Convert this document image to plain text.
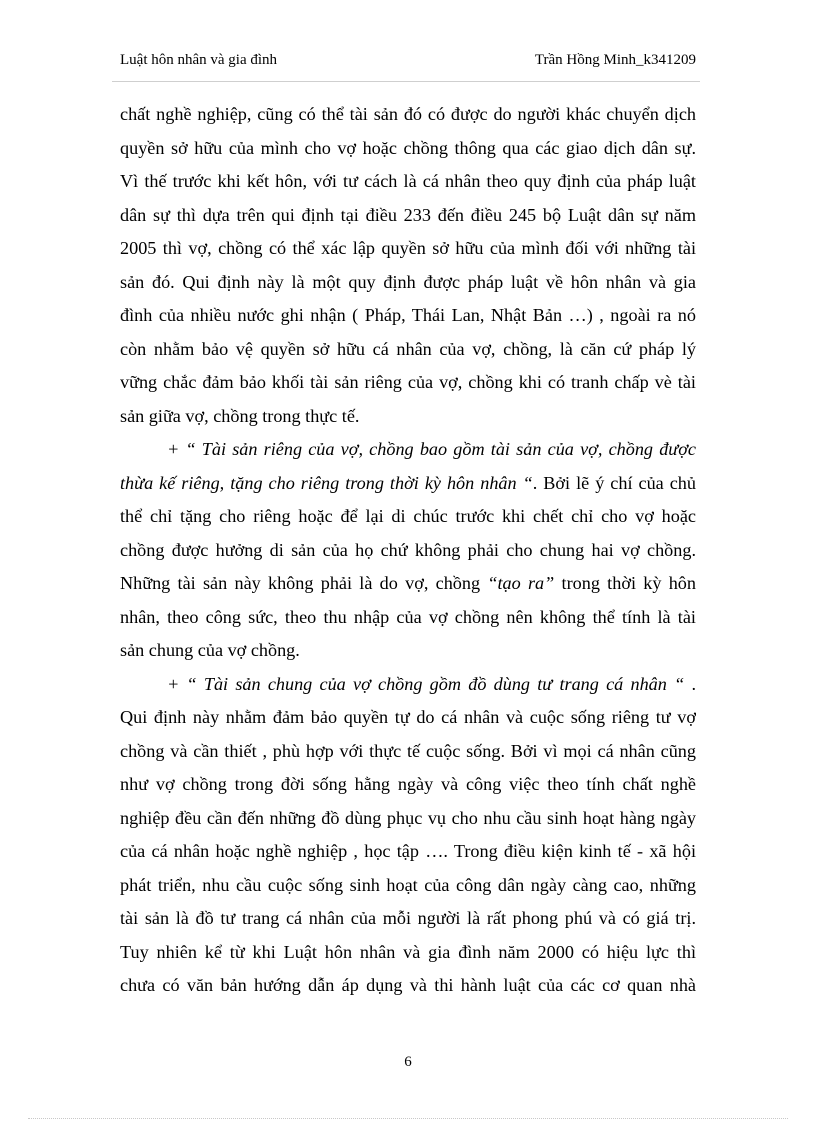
Luật hôn nhân và gia đình	Trần Hồng Minh_k341209
chất nghề nghiệp, cũng có thể tài sản đó có được do người khác chuyển dịch
quyền sở hữu của mình cho vợ hoặc chồng thông qua các giao dịch dân sự.
Vì thế trước khi kết hôn, với tư cách là cá nhân theo quy định của pháp luật
dân sự thì dựa trên qui định tại điều 233 đến điều 245 bộ Luật dân sự năm
2005 thì vợ, chồng có thể xác lập quyền sở hữu của mình đối với những tài
sản đó. Qui định này là một quy định được pháp luật về hôn nhân và gia
đình của nhiều nước ghi nhận ( Pháp, Thái Lan, Nhật Bản …) , ngoài ra nó
còn nhằm bảo vệ quyền sở hữu cá nhân của vợ, chồng, là căn cứ pháp lý
vững chắc đảm bảo khối tài sản riêng của vợ, chồng khi có tranh chấp vè tài
sản giữa vợ, chồng trong thực tế.
+ “ Tài sản riêng của vợ, chồng bao gồm tài sản của vợ, chồng được
thừa kế riêng, tặng cho riêng trong thời kỳ hôn nhân “. Bởi lẽ ý chí của chủ
thể chỉ tặng cho riêng hoặc để lại di chúc trước khi chết chỉ cho vợ hoặc
chồng được hưởng di sản của họ chứ không phải cho chung hai vợ chồng.
Những tài sản này không phải là do vợ, chồng “tạo ra” trong thời kỳ hôn
nhân, theo công sức, theo thu nhập của vợ chồng nên không thể tính là tài
sản chung của vợ chồng.
+ “ Tài sản chung của vợ chồng gồm đồ dùng tư trang cá nhân “ .
Qui định này nhằm đảm bảo quyền tự do cá nhân và cuộc sống riêng tư vợ
chồng và cần thiết , phù hợp với thực tế cuộc sống. Bởi vì mọi cá nhân cũng
như vợ chồng trong đời sống hằng ngày và công việc theo tính chất nghề
nghiệp đều cần đến những đồ dùng phục vụ cho nhu cầu sinh hoạt hàng ngày
của cá nhân hoặc nghề nghiệp , học tập …. Trong điều kiện kinh tế - xã hội
phát triển, nhu cầu cuộc sống sinh hoạt của công dân ngày càng cao, những
tài sản là đồ tư trang cá nhân của mỗi người là rất phong phú và có giá trị.
Tuy nhiên kể từ khi Luật hôn nhân và gia đình năm 2000 có hiệu lực thì
chưa có văn bản hướng dẫn áp dụng và thi hành luật của các cơ quan nhà
6
